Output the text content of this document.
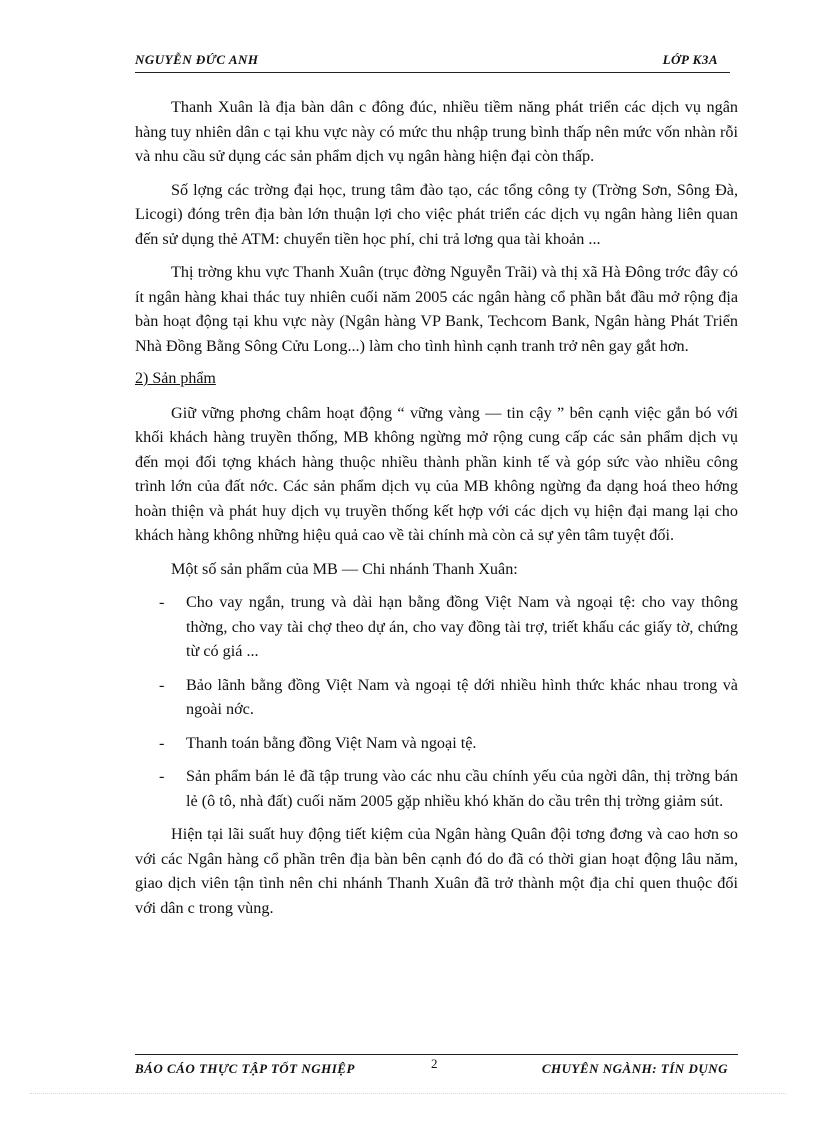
NGUYỄN ĐỨC ANH	LỚP K3A

Thanh Xuân là địa bàn dân c đông đúc, nhiều tiềm năng phát triển các dịch vụ ngân hàng tuy nhiên dân c tại khu vực này có mức thu nhập trung bình thấp nên mức vốn nhàn rỗi và nhu cầu sử dụng các sản phẩm dịch vụ ngân hàng hiện đại còn thấp.

Số lợng các trờng đại học, trung tâm đào tạo, các tổng công ty (Trờng Sơn, Sông Đà, Licogi) đóng trên địa bàn lớn thuận lợi cho việc phát triển các dịch vụ ngân hàng liên quan đến sử dụng thẻ ATM: chuyển tiền học phí, chi trả lơng qua tài khoản ...

Thị trờng khu vực Thanh Xuân (trục đờng Nguyễn Trãi) và thị xã Hà Đông trớc đây có ít ngân hàng khai thác tuy nhiên cuối năm 2005 các ngân hàng cổ phần bắt đầu mở rộng địa bàn hoạt động tại khu vực này (Ngân hàng VP Bank, Techcom Bank, Ngân hàng Phát Triển Nhà Đồng Bằng Sông Cửu Long...) làm cho tình hình cạnh tranh trở nên gay gắt hơn.

2) Sản phẩm

Giữ vững phơng châm hoạt động “ vững vàng — tin cậy ” bên cạnh việc gắn bó với khối khách hàng truyền thống, MB không ngừng mở rộng cung cấp các sản phẩm dịch vụ đến mọi đối tợng khách hàng thuộc nhiều thành phần kinh tế và góp sức vào nhiều công trình lớn của đất nớc. Các sản phẩm dịch vụ của MB không ngừng đa dạng hoá theo hớng hoàn thiện và phát huy dịch vụ truyền thống kết hợp với các dịch vụ hiện đại mang lại cho khách hàng không những hiệu quả cao về tài chính mà còn cả sự yên tâm tuyệt đối.

Một số sản phẩm của MB — Chi nhánh Thanh Xuân:

- Cho vay ngắn, trung và dài hạn bằng đồng Việt Nam và ngoại tệ: cho vay thông thờng, cho vay tài chợ theo dự án, cho vay đồng tài trợ, triết khấu các giấy tờ, chứng từ có giá ...
- Bảo lãnh bằng đồng Việt Nam và ngoại tệ dới nhiều hình thức khác nhau trong và ngoài nớc.
- Thanh toán bằng đồng Việt Nam và ngoại tệ.
- Sản phẩm bán lẻ đã tập trung vào các nhu cầu chính yếu của ngời dân, thị trờng bán lẻ (ô tô, nhà đất) cuối năm 2005 gặp nhiều khó khăn do cầu trên thị trờng giảm sút.

Hiện tại lãi suất huy động tiết kiệm của Ngân hàng Quân đội tơng đơng và cao hơn so với các Ngân hàng cổ phần trên địa bàn bên cạnh đó do đã có thời gian hoạt động lâu năm, giao dịch viên tận tình nên chi nhánh Thanh Xuân đã trở thành một địa chỉ quen thuộc đối với dân c trong vùng.

BÁO CÁO THỰC TẬP TỐT NGHIỆP	2	CHUYÊN NGÀNH: TÍN DỤNG
